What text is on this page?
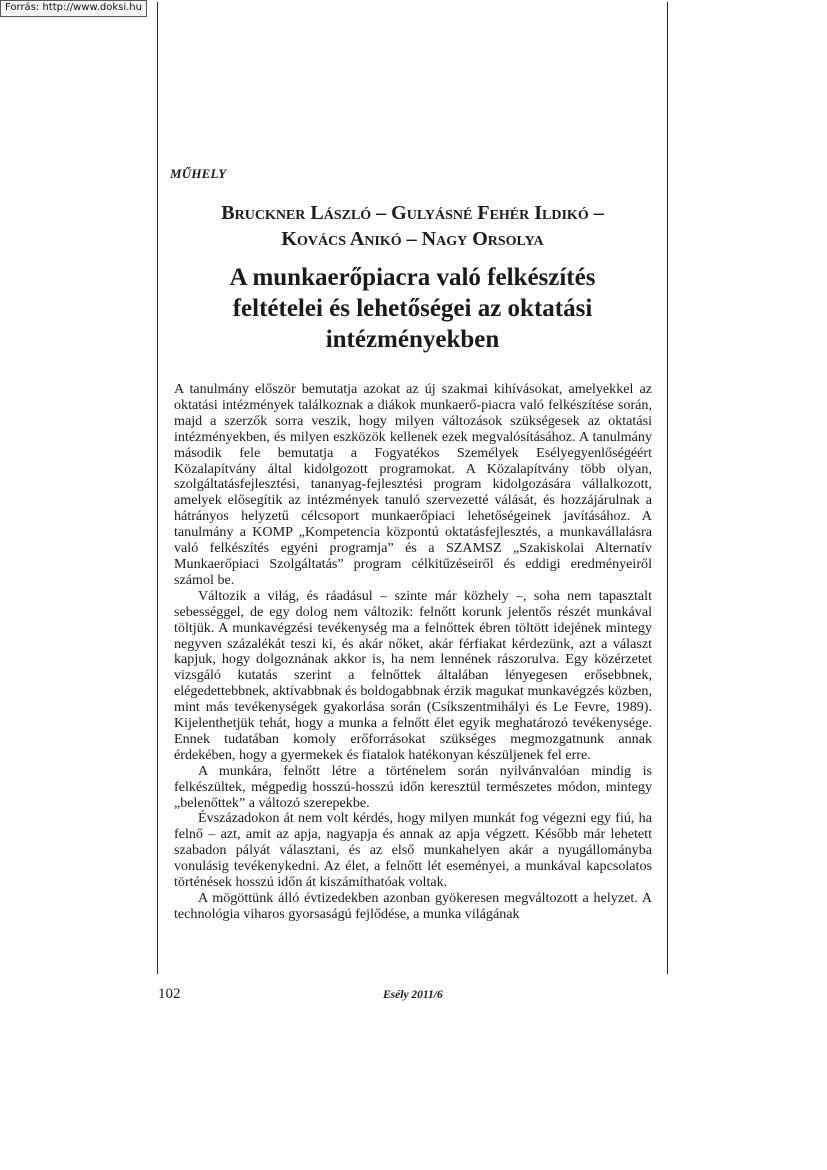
Forrás: http://www.doksi.hu
MŰHELY
Bruckner László – Gulyásné Fehér Ildikó –
Kovács Anikó – Nagy Orsolya
A munkaerőpiacra való felkészítés
feltételei és lehetőségei az oktatási
intézményekben

A tanulmány először bemutatja azokat az új szakmai kihívásokat, amelyekkel az oktatási intézmények találkoznak a diákok munkaerő-piacra való felkészítése során, majd a szerzők sorra veszik, hogy milyen változások szükségesek az oktatási intézményekben, és milyen eszközök kellenek ezek megvalósításához. A tanulmány második fele bemutatja a Fogyatékos Személyek Esélyegyenlőségéért Közalapítvány által kidolgozott programokat. A Közalapítvány több olyan, szolgáltatásfejlesztési, tananyag-fejlesztési program kidolgozására vállalkozott, amelyek elősegítik az intézmények tanuló szervezetté válását, és hozzájárulnak a hátrányos helyzetű célcsoport munkaerőpiaci lehetőségeinek javításához. A tanulmány a KOMP „Kompetencia központú oktatásfejlesztés, a munkavállalásra való felkészítés egyéni programja” és a SZAMSZ „Szakiskolai Alternatív Munkaerőpiaci Szolgáltatás” program célkitűzéseiről és eddigi eredményeiről számol be.

Változik a világ, és ráadásul – szinte már közhely –, soha nem tapasztalt sebességgel, de egy dolog nem változik: felnőtt korunk jelentős részét munkával töltjük. A munkavégzési tevékenység ma a felnőttek ébren töltött idejének mintegy negyven százalékát teszi ki, és akár nőket, akár férfiakat kérdezünk, azt a választ kapjuk, hogy dolgoznának akkor is, ha nem lennének rászorulva. Egy közérzetet vizsgáló kutatás szerint a felnőttek általában lényegesen erősebbnek, elégedettebbnek, aktívabbnak és boldogabbnak érzik magukat munkavégzés közben, mint más tevékenységek gyakorlása során (Csíkszentmihályi és Le Fevre, 1989). Kijelenthetjük tehát, hogy a munka a felnőtt élet egyik meghatározó tevékenysége. Ennek tudatában komoly erőforrásokat szükséges megmozgatnunk annak érdekében, hogy a gyermekek és fiatalok hatékonyan készüljenek fel erre.

A munkára, felnőtt létre a történelem során nyilvánvalóan mindig is felkészültek, mégpedig hosszú-hosszú időn keresztül természetes módon, mintegy „belenőttek” a változó szerepekbe.

Évszázadokon át nem volt kérdés, hogy milyen munkát fog végezni egy fiú, ha felnő – azt, amit az apja, nagyapja és annak az apja végzett. Később már lehetett szabadon pályát választani, és az első munkahelyen akár a nyugállományba vonulásig tevékenykedni. Az élet, a felnőtt lét eseményei, a munkával kapcsolatos történések hosszú időn át kiszámíthatóak voltak.

A mögöttünk álló évtizedekben azonban gyökeresen megváltozott a helyzet. A technológia viharos gyorsaságú fejlődése, a munka világának

102	Esély 2011/6
